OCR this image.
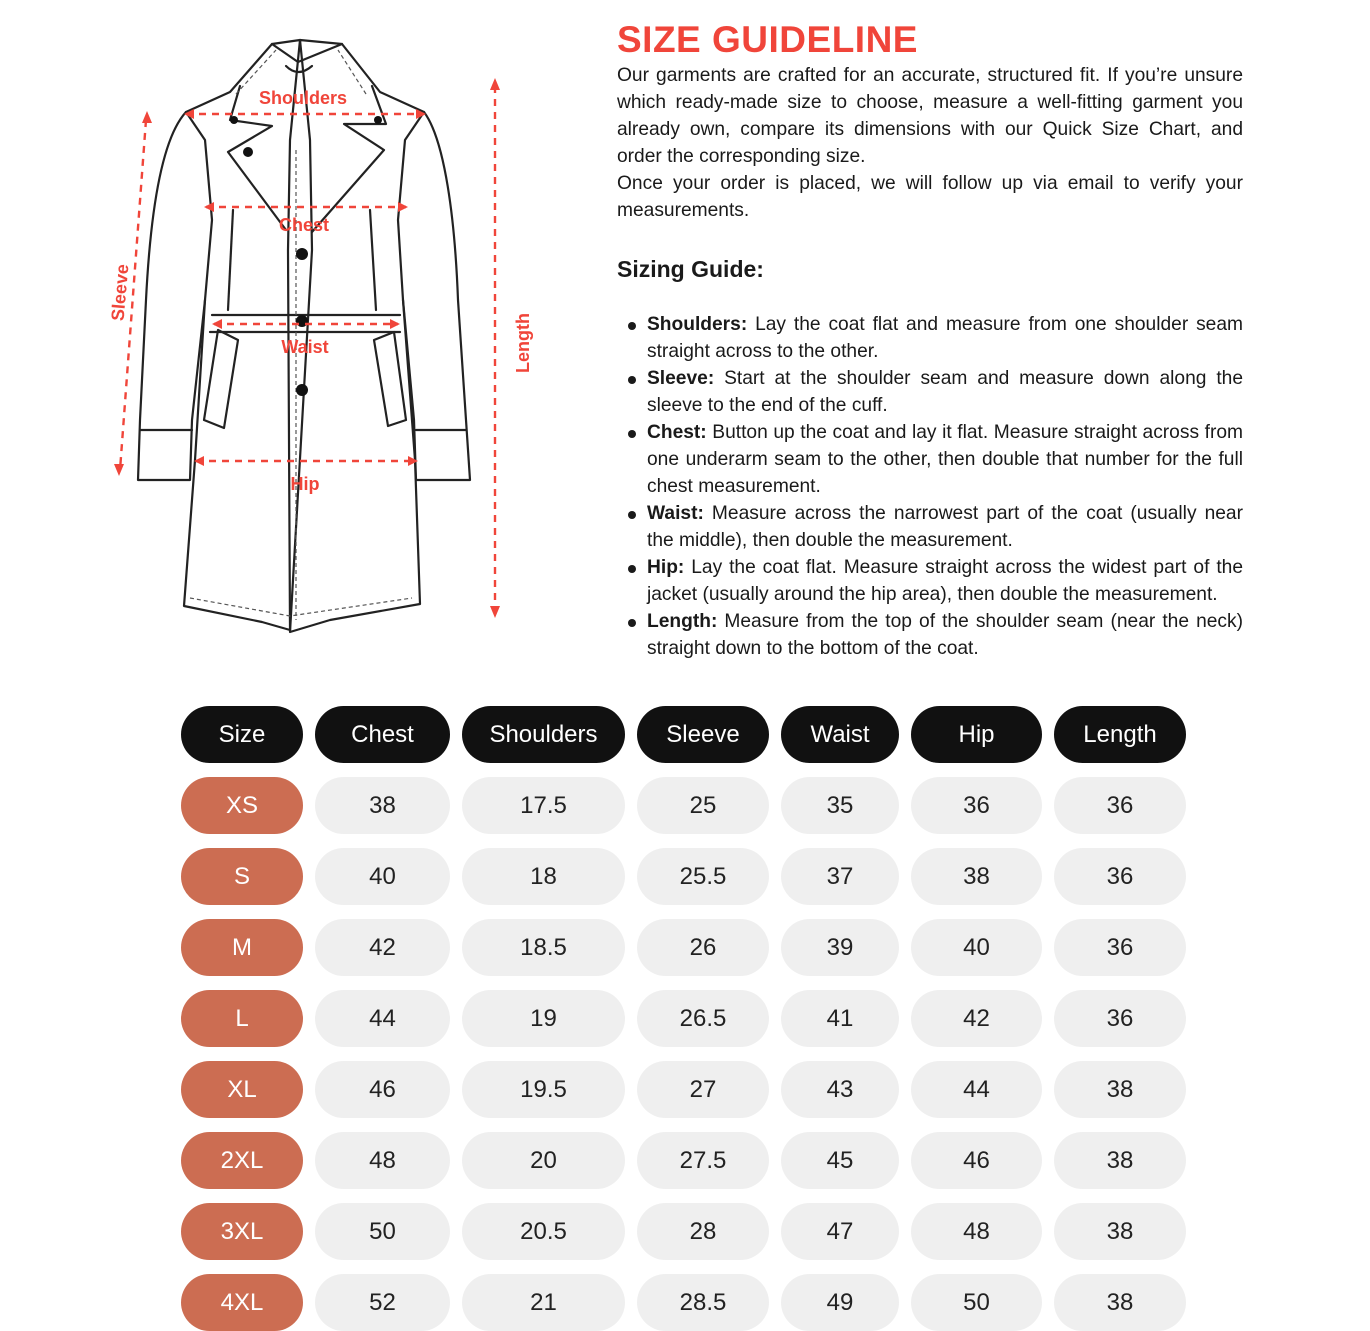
Shoulders
Chest
Waist
Hip
Sleeve
Length
SIZE GUIDELINE

Our garments are crafted for an accurate, structured fit. If you’re unsure which ready-made size to choose, measure a well-fitting garment you already own, compare its dimensions with our Quick Size Chart, and order the corresponding size.

Once your order is placed, we will follow up via email to verify your measurements.

Sizing Guide:
Shoulders: Lay the coat flat and measure from one shoulder seam straight across to the other.
Sleeve: Start at the shoulder seam and measure down along the sleeve to the end of the cuff.
Chest: Button up the coat and lay it flat. Measure straight across from one underarm seam to the other, then double that number for the full chest measurement.
Waist: Measure across the narrowest part of the coat (usually near the middle), then double the measurement.
Hip: Lay the coat flat. Measure straight across the widest part of the jacket (usually around the hip area), then double the measurement.
Length: Measure from the top of the shoulder seam (near the neck) straight down to the bottom of the coat.
Size	Chest	Shoulders	Sleeve	Waist	Hip	Length
XS	38	17.5	25	35	36	36
S	40	18	25.5	37	38	36
M	42	18.5	26	39	40	36
L	44	19	26.5	41	42	36
XL	46	19.5	27	43	44	38
2XL	48	20	27.5	45	46	38
3XL	50	20.5	28	47	48	38
4XL	52	21	28.5	49	50	38
